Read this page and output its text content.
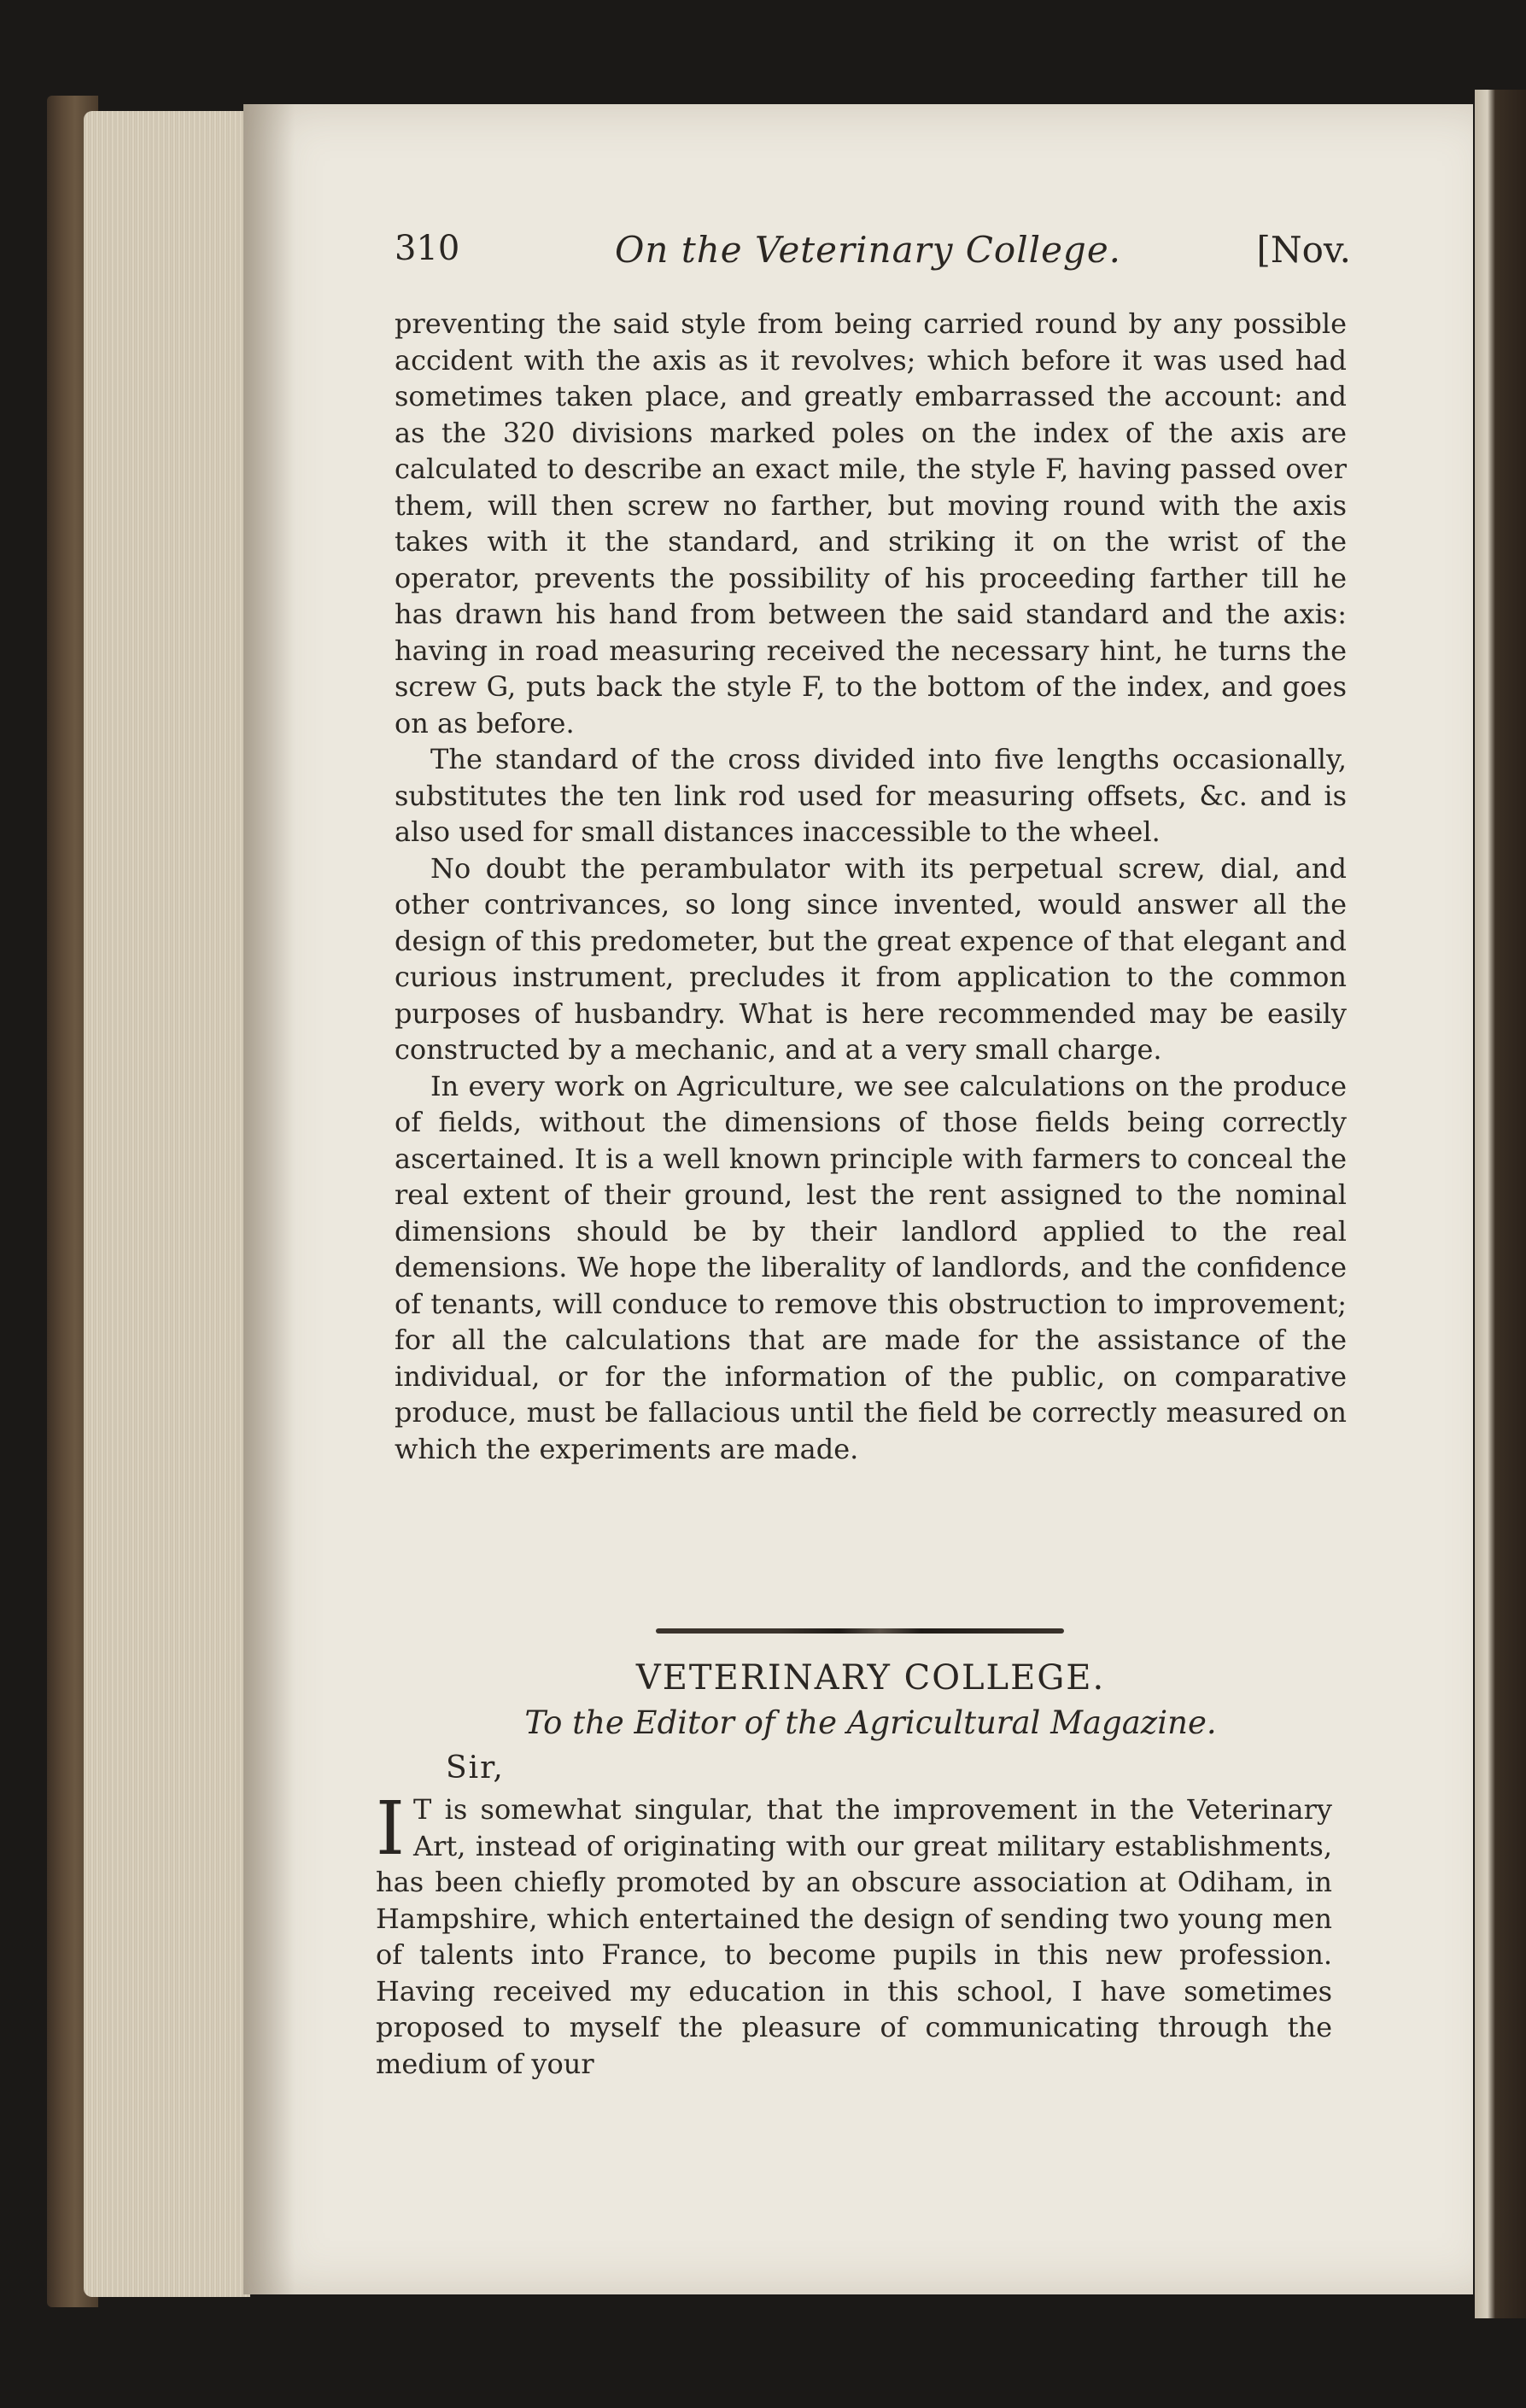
310	On the Veterinary College.	[Nov.

preventing the said style from being carried round by any possible accident with the axis as it revolves; which before it was used had sometimes taken place, and greatly embarrassed the account: and as the 320 divisions marked poles on the index of the axis are calculated to describe an exact mile, the style F, having passed over them, will then screw no farther, but moving round with the axis takes with it the standard, and striking it on the wrist of the operator, prevents the possibility of his proceeding farther till he has drawn his hand from between the said standard and the axis: having in road measuring received the necessary hint, he turns the screw G, puts back the style F, to the bottom of the index, and goes on as before.

The standard of the cross divided into five lengths occasionally, substitutes the ten link rod used for measuring offsets, &c. and is also used for small distances inaccessible to the wheel.

No doubt the perambulator with its perpetual screw, dial, and other contrivances, so long since invented, would answer all the design of this predometer, but the great expence of that elegant and curious instrument, precludes it from application to the common purposes of husbandry. What is here recommended may be easily constructed by a mechanic, and at a very small charge.

In every work on Agriculture, we see calculations on the produce of fields, without the dimensions of those fields being correctly ascertained. It is a well known principle with farmers to conceal the real extent of their ground, lest the rent assigned to the nominal dimensions should be by their landlord applied to the real demensions. We hope the liberality of landlords, and the confidence of tenants, will conduce to remove this obstruction to improvement; for all the calculations that are made for the assistance of the individual, or for the information of the public, on comparative produce, must be fallacious until the field be correctly measured on which the experiments are made.

VETERINARY COLLEGE.
To the Editor of the Agricultural Magazine.
Sir,
I T is somewhat singular, that the improvement in the Veterinary Art, instead of originating with our great military establishments, has been chiefly promoted by an obscure association at Odiham, in Hampshire, which entertained the design of sending two young men of talents into France, to become pupils in this new profession. Having received my education in this school, I have sometimes proposed to myself the pleasure of communicating through the medium of your
